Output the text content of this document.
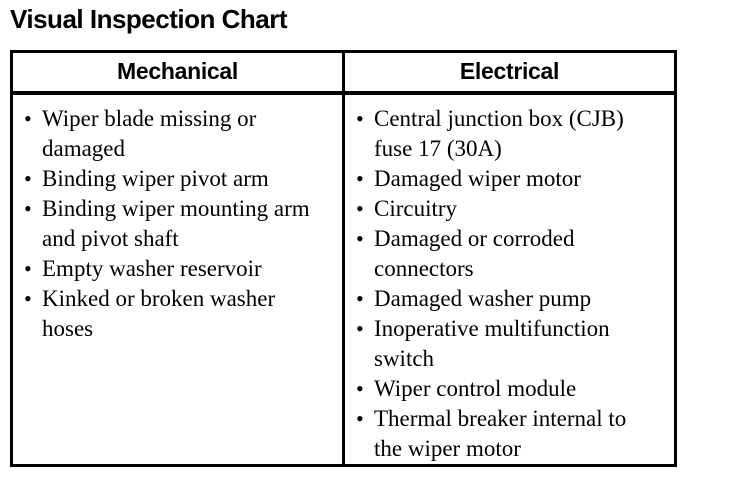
Visual Inspection Chart
Mechanical
• Wiper blade missing or damaged
• Binding wiper pivot arm
• Binding wiper mounting arm and pivot shaft
• Empty washer reservoir
• Kinked or broken washer hoses
Electrical
• Central junction box (CJB) fuse 17 (30A)
• Damaged wiper motor
• Circuitry
• Damaged or corroded connectors
• Damaged washer pump
• Inoperative multifunction switch
• Wiper control module
• Thermal breaker internal to the wiper motor
